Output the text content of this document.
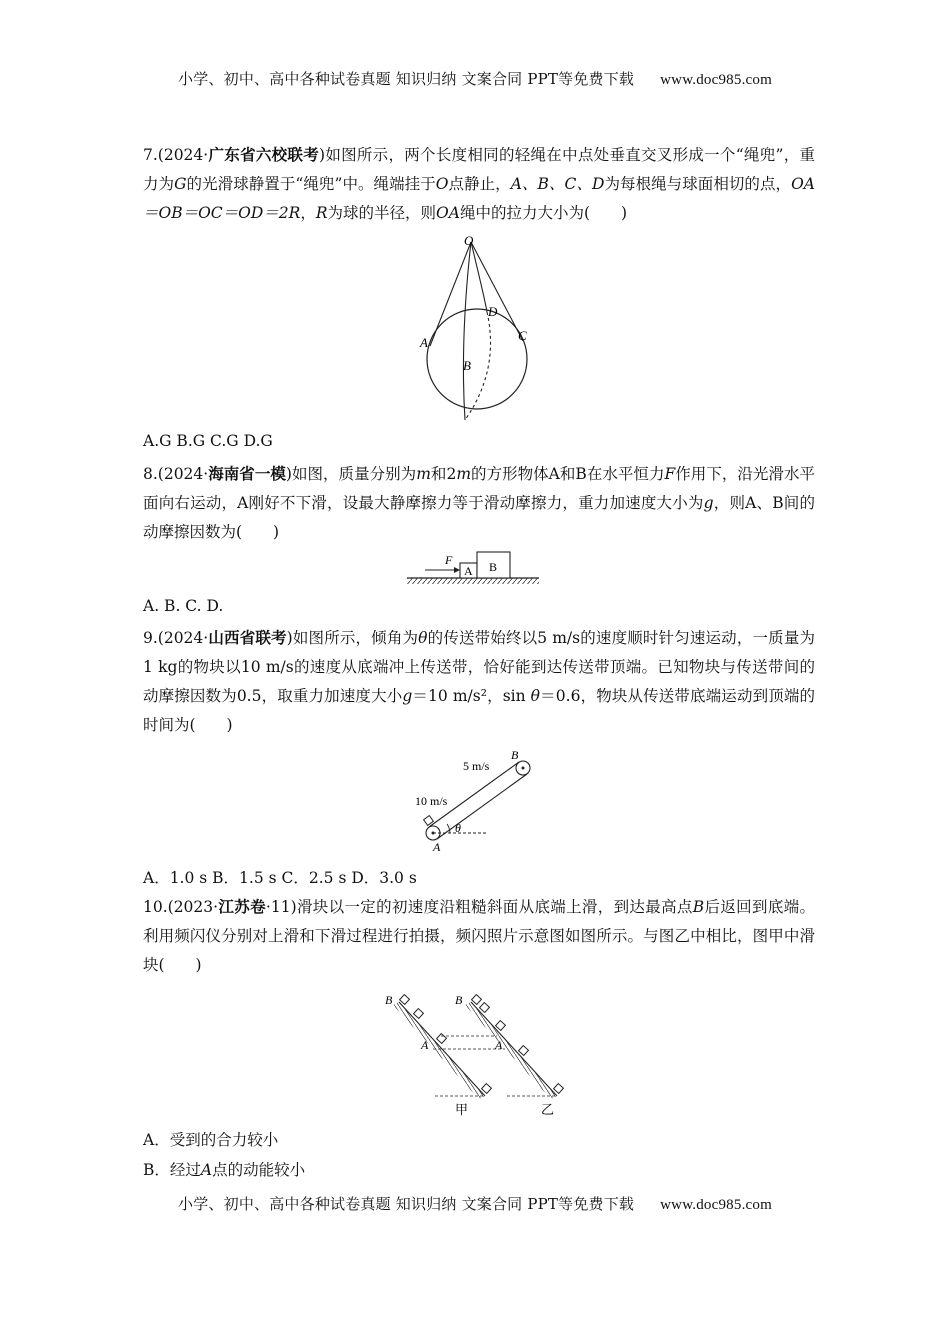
小学、初中、高中各种试卷真题 知识归纳 文案合同 PPT等免费下载 www.doc985.com

7.(2024·广东省六校联考)如图所示，两个长度相同的轻绳在中点处垂直交叉形成一个“绳兜”，重力为G的光滑球静置于“绳兜”中。绳端挂于O点静止，A、B、C、D为每根绳与球面相切的点，OA＝OB＝OC＝OD＝2R，R为球的半径，则OA绳中的拉力大小为(　　)

O
A
B
C
D
A.G B.G C.G D.G

8.(2024·海南省一模)如图，质量分别为m和2m的方形物体A和B在水平恒力F作用下，沿光滑水平面向右运动，A刚好不下滑，设最大静摩擦力等于滑动摩擦力，重力加速度大小为g，则A、B间的动摩擦因数为(　　)

F
A B
A. B. C. D.

9.(2024·山西省联考)如图所示，倾角为θ的传送带始终以5 m/s的速度顺时针匀速运动，一质量为1 kg的物块以10 m/s的速度从底端冲上传送带，恰好能到达传送带顶端。已知物块与传送带间的动摩擦因数为0.5，取重力加速度大小g＝10 m/s²，sin θ＝0.6，物块从传送带底端运动到顶端的时间为(　　)

5 m/s
10 m/s
B
A
θ
A．1.0 s B．1.5 s C．2.5 s D．3.0 s

10.(2023·江苏卷·11)滑块以一定的初速度沿粗糙斜面从底端上滑，到达最高点B后返回到底端。利用频闪仪分别对上滑和下滑过程进行拍摄，频闪照片示意图如图所示。与图乙中相比，图甲中滑块(　　)

B
A
B
A
甲	乙
A．受到的合力较小
B．经过A点的动能较小
小学、初中、高中各种试卷真题 知识归纳 文案合同 PPT等免费下载 www.doc985.com
